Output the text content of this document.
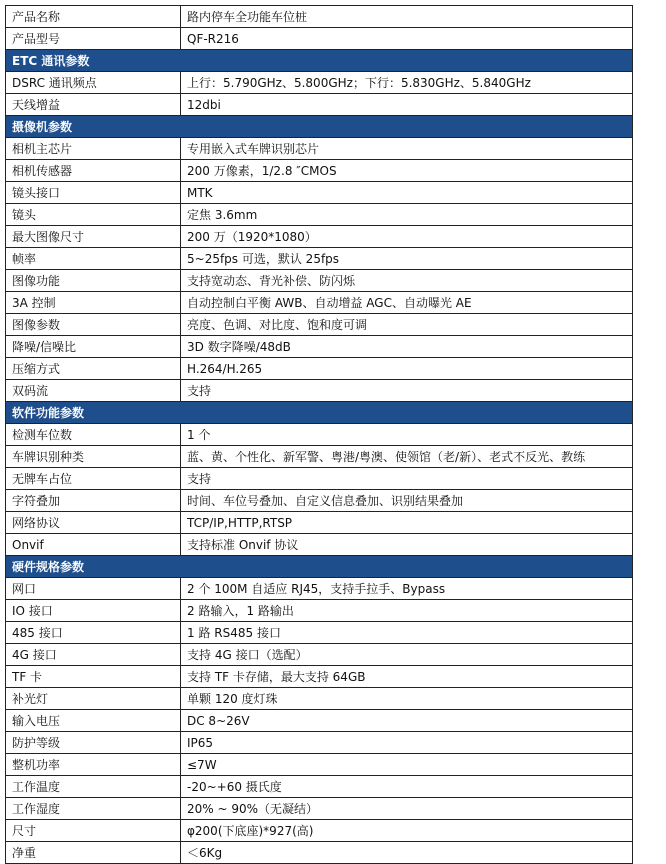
产品名称	路内停车全功能车位桩
产品型号	QF-R216
ETC 通讯参数	
DSRC 通讯频点	上行：5.790GHz、5.800GHz；下行：5.830GHz、5.840GHz
天线增益	12dbi
摄像机参数	
相机主芯片	专用嵌入式车牌识别芯片
相机传感器	200 万像素，1/2.8 ″CMOS
镜头接口	MTK
镜头	定焦 3.6mm
最大图像尺寸	200 万（1920*1080）
帧率	5~25fps 可选，默认 25fps
图像功能	支持宽动态、背光补偿、防闪烁
3A 控制	自动控制白平衡 AWB、自动增益 AGC、自动曝光 AE
图像参数	亮度、色调、对比度、饱和度可调
降噪/信噪比	3D 数字降噪/48dB
压缩方式	H.264/H.265
双码流	支持
软件功能参数	
检测车位数	1 个
车牌识别种类	蓝、黄、个性化、新军警、粤港/粤澳、使领馆（老/新）、老式不反光、教练
无牌车占位	支持
字符叠加	时间、车位号叠加、自定义信息叠加、识别结果叠加
网络协议	TCP/IP,HTTP,RTSP
Onvif	支持标准 Onvif 协议
硬件规格参数	
网口	2 个 100M 自适应 RJ45，支持手拉手、Bypass
IO 接口	2 路输入，1 路输出
485 接口	1 路 RS485 接口
4G 接口	支持 4G 接口（选配）
TF 卡	支持 TF 卡存储，最大支持 64GB
补光灯	单颗 120 度灯珠
输入电压	DC 8~26V
防护等级	IP65
整机功率	≤7W
工作温度	-20~+60 摄氏度
工作湿度	20% ~ 90%（无凝结）
尺寸	φ200(下底座)*927(高)
净重	＜6Kg
